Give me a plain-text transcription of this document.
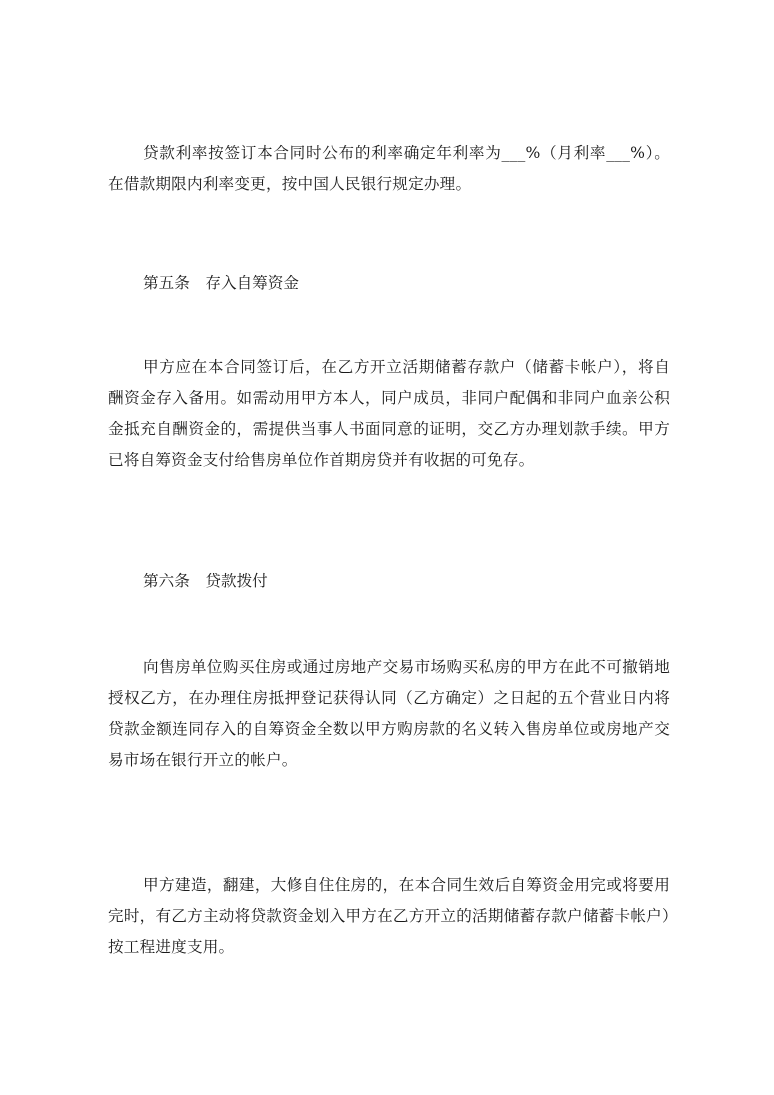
贷款利率按签订本合同时公布的利率确定年利率为___%（月利率___%）。在借款期限内利率变更，按中国人民银行规定办理。

第五条　存入自筹资金

甲方应在本合同签订后，在乙方开立活期储蓄存款户（储蓄卡帐户），将自酬资金存入备用。如需动用甲方本人，同户成员，非同户配偶和非同户血亲公积金抵充自酬资金的，需提供当事人书面同意的证明，交乙方办理划款手续。甲方已将自筹资金支付给售房单位作首期房贷并有收据的可免存。

第六条　贷款拨付

向售房单位购买住房或通过房地产交易市场购买私房的甲方在此不可撤销地授权乙方，在办理住房抵押登记获得认同（乙方确定）之日起的五个营业日内将贷款金额连同存入的自筹资金全数以甲方购房款的名义转入售房单位或房地产交易市场在银行开立的帐户。

甲方建造，翻建，大修自住住房的，在本合同生效后自筹资金用完或将要用完时，有乙方主动将贷款资金划入甲方在乙方开立的活期储蓄存款户储蓄卡帐户）按工程进度支用。
